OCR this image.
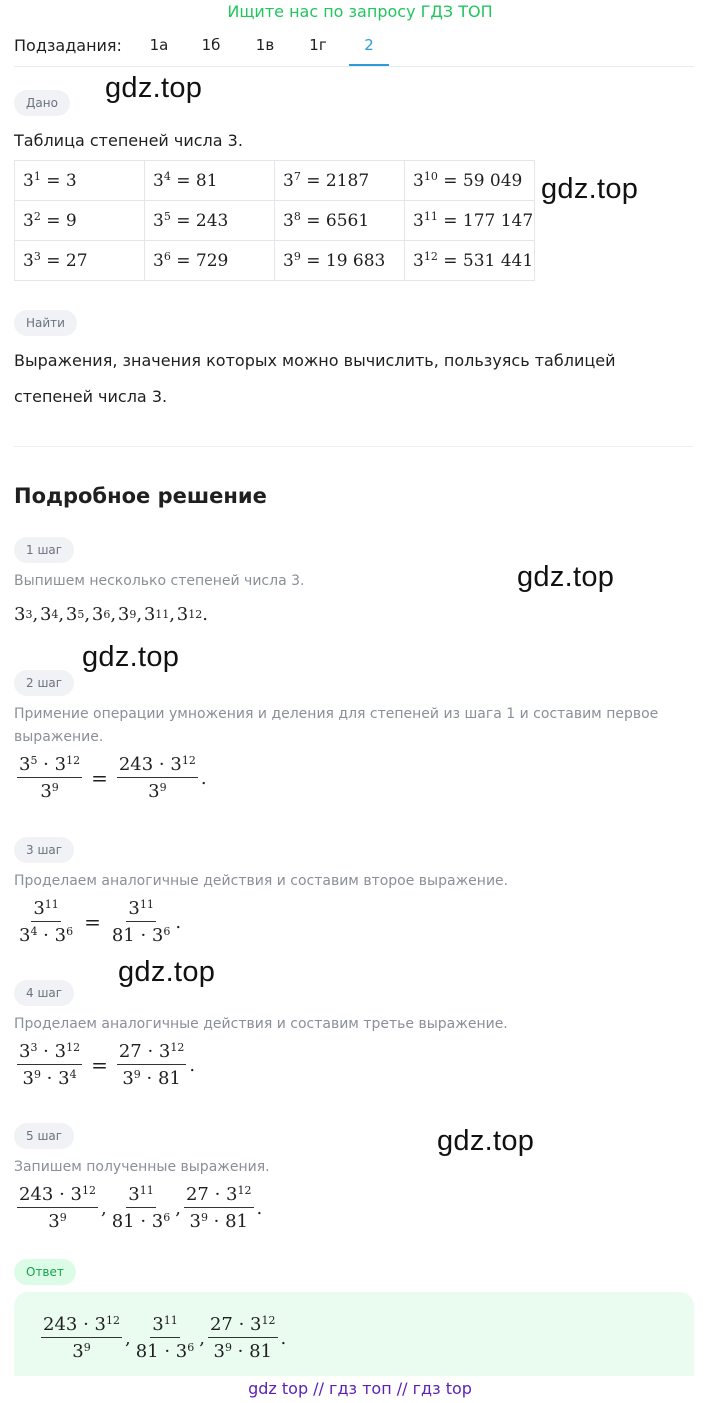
Ищите нас по запросу ГДЗ ТОП
Подзадания:	1а	1б	1в	1г	2
Дано	gdz.top
Таблица степеней числа 3.
$3^1 = 3$	$3^4 = 81$	$3^7 = 2187$	$3^{10} = 59$ 049
$3^2 = 9$	$3^5 = 243$	$3^8 = 6561$	$3^{11} = 177$ 147
$3^3 = 27$	$3^6 = 729$	$3^9 = 19$ 683	$3^{12} = 531$ 441
gdz.top
Найти
Выражения, значения которых можно вычислить, пользуясь таблицей
степеней числа 3.
Подробное решение
1 шаг
Выпишем несколько степеней числа 3.	gdz.top
3 3 , 3 4 , 3 5 , 3 6 , 3 9 , 3 11 , 3 12 .
gdz.top
2 шаг
Примение операции умножения и деления для степеней из шага 1 и составим первое
выражение.
$\frac{3^5 \cdot 3^{12}}{3^9} = \frac{243 \cdot 3^{12}}{3^9}$ .
3 шаг
Проделаем аналогичные действия и составим второе выражение.
$\frac{3^{11}}{3^4 \cdot 3^6} = \frac{3^{11}}{81 \cdot 3^6}$ .
gdz.top
4 шаг
Проделаем аналогичные действия и составим третье выражение.
$\frac{3^3 \cdot 3^{12}}{3^9 \cdot 3^4} = \frac{27 \cdot 3^{12}}{3^9 \cdot 81}$ .
5 шаг	gdz.top
Запишем полученные выражения.
$\frac{243 \cdot 3^{12}}{3^9}$ , $\frac{3^{11}}{81 \cdot 3^6}$ , $\frac{27 \cdot 3^{12}}{3^9 \cdot 81}$ .
Ответ
$\frac{243 \cdot 3^{12}}{3^9}$ , $\frac{3^{11}}{81 \cdot 3^6}$ , $\frac{27 \cdot 3^{12}}{3^9 \cdot 81}$ .
gdz top // гдз топ // гдз top
